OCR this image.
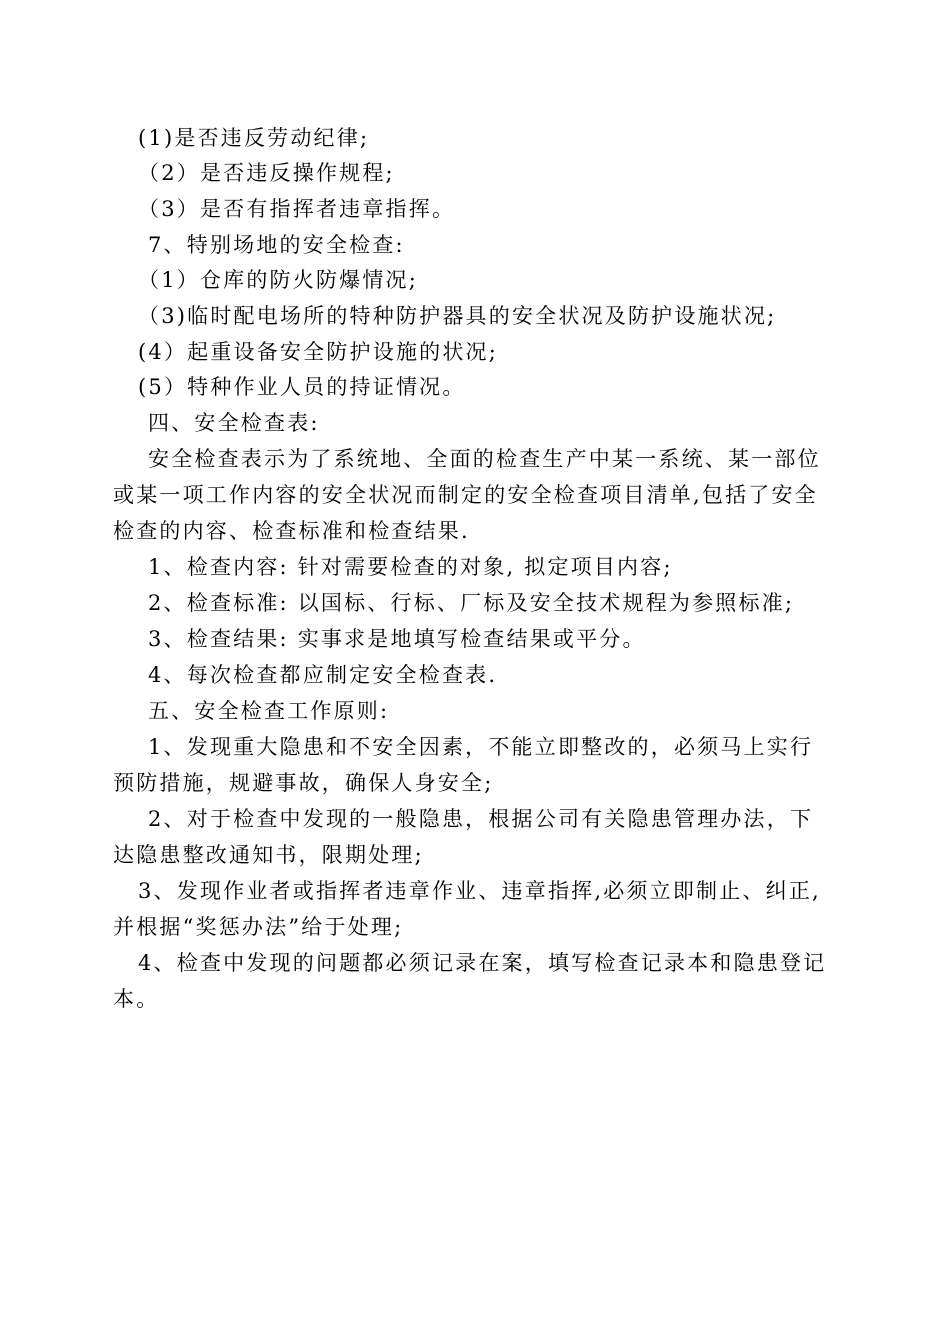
(1)是否违反劳动纪律;
（2）是否违反操作规程;
（3）是否有指挥者违章指挥。
7、特别场地的安全检查:
（1）仓库的防火防爆情况;
（3)临时配电场所的特种防护器具的安全状况及防护设施状况;
(4）起重设备安全防护设施的状况;
(5）特种作业人员的持证情况。
四、安全检查表:
安全检查表示为了系统地、全面的检查生产中某一系统、某一部位
或某一项工作内容的安全状况而制定的安全检查项目清单,包括了安全
检查的内容、检查标准和检查结果.
1、检查内容: 针对需要检查的对象, 拟定项目内容;
2、检查标准: 以国标、行标、厂标及安全技术规程为参照标准;
3、检查结果: 实事求是地填写检查结果或平分。
4、每次检查都应制定安全检查表.
五、安全检查工作原则:
1、发现重大隐患和不安全因素，不能立即整改的，必须马上实行
预防措施，规避事故，确保人身安全;
2、对于检查中发现的一般隐患，根据公司有关隐患管理办法，下
达隐患整改通知书，限期处理;
3、发现作业者或指挥者违章作业、违章指挥,必须立即制止、纠正,
并根据“奖惩办法”给于处理;
4、检查中发现的问题都必须记录在案，填写检查记录本和隐患登记
本。
